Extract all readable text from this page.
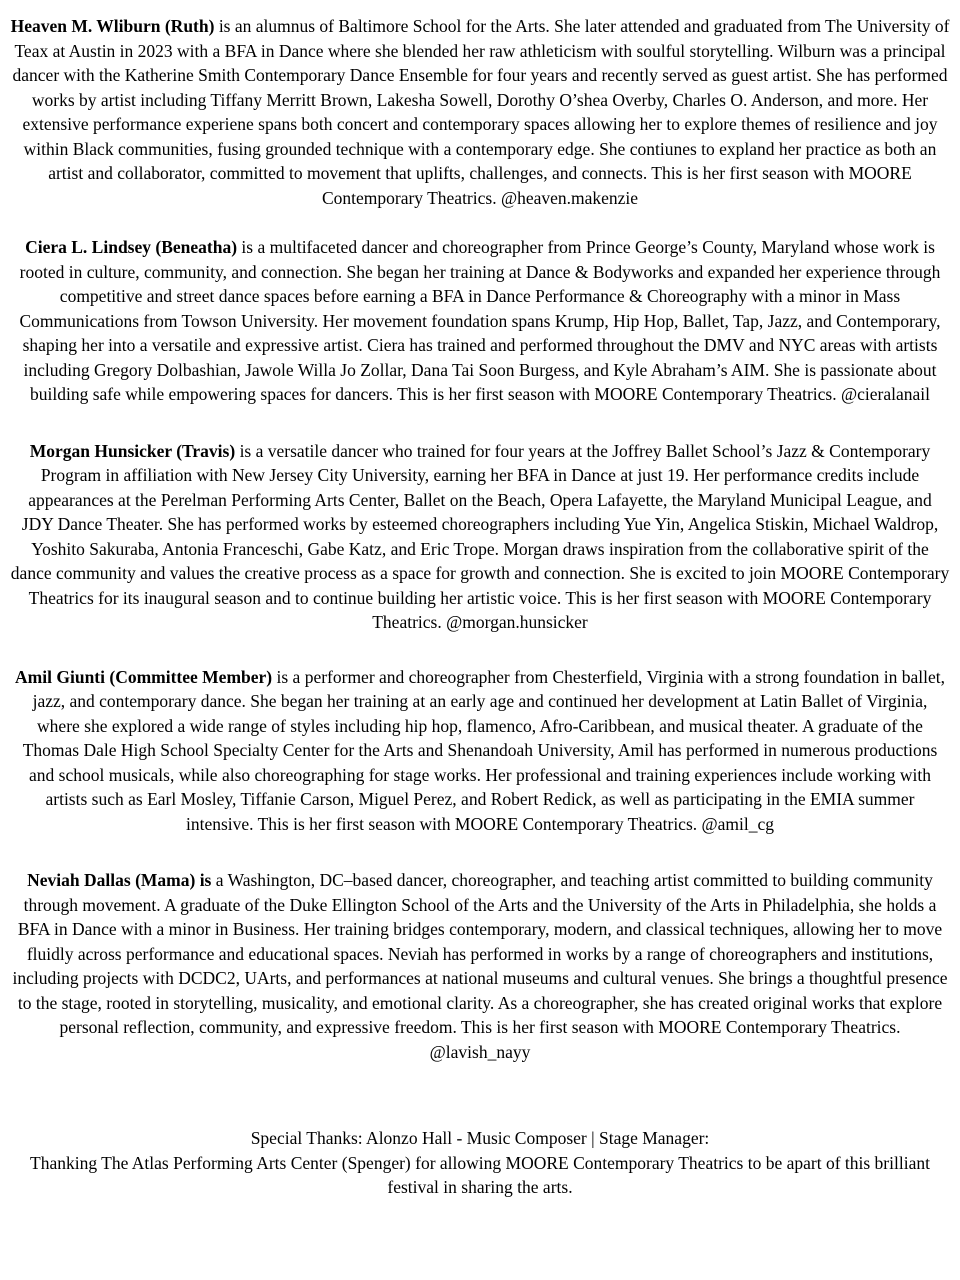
Heaven M. Wliburn (Ruth) is an alumnus of Baltimore School for the Arts. She later attended and graduated from The University of Teax at Austin in 2023 with a BFA in Dance where she blended her raw athleticism with soulful storytelling. Wilburn was a principal dancer with the Katherine Smith Contemporary Dance Ensemble for four years and recently served as guest artist. She has performed works by artist including Tiffany Merritt Brown, Lakesha Sowell, Dorothy O’shea Overby, Charles O. Anderson, and more. Her extensive performance experiene spans both concert and contemporary spaces allowing her to explore themes of resilience and joy within Black communities, fusing grounded technique with a contemporary edge. She contiunes to expland her practice as both an artist and collaborator, committed to movement that uplifts, challenges, and connects. This is her first season with MOORE Contemporary Theatrics. @heaven.makenzie

Ciera L. Lindsey (Beneatha) is a multifaceted dancer and choreographer from Prince George’s County, Maryland whose work is rooted in culture, community, and connection. She began her training at Dance & Bodyworks and expanded her experience through competitive and street dance spaces before earning a BFA in Dance Performance & Choreography with a minor in Mass Communications from Towson University. Her movement foundation spans Krump, Hip Hop, Ballet, Tap, Jazz, and Contemporary, shaping her into a versatile and expressive artist. Ciera has trained and performed throughout the DMV and NYC areas with artists including Gregory Dolbashian, Jawole Willa Jo Zollar, Dana Tai Soon Burgess, and Kyle Abraham’s AIM. She is passionate about building safe while empowering spaces for dancers. This is her first season with MOORE Contemporary Theatrics. @cieralanail

Morgan Hunsicker (Travis) is a versatile dancer who trained for four years at the Joffrey Ballet School’s Jazz & Contemporary Program in affiliation with New Jersey City University, earning her BFA in Dance at just 19. Her performance credits include appearances at the Perelman Performing Arts Center, Ballet on the Beach, Opera Lafayette, the Maryland Municipal League, and JDY Dance Theater. She has performed works by esteemed choreographers including Yue Yin, Angelica Stiskin, Michael Waldrop, Yoshito Sakuraba, Antonia Franceschi, Gabe Katz, and Eric Trope. Morgan draws inspiration from the collaborative spirit of the dance community and values the creative process as a space for growth and connection. She is excited to join MOORE Contemporary Theatrics for its inaugural season and to continue building her artistic voice. This is her first season with MOORE Contemporary Theatrics. @morgan.hunsicker

Amil Giunti (Committee Member) is a performer and choreographer from Chesterfield, Virginia with a strong foundation in ballet, jazz, and contemporary dance. She began her training at an early age and continued her development at Latin Ballet of Virginia, where she explored a wide range of styles including hip hop, flamenco, Afro-Caribbean, and musical theater. A graduate of the Thomas Dale High School Specialty Center for the Arts and Shenandoah University, Amil has performed in numerous productions and school musicals, while also choreographing for stage works. Her professional and training experiences include working with artists such as Earl Mosley, Tiffanie Carson, Miguel Perez, and Robert Redick, as well as participating in the EMIA summer intensive. This is her first season with MOORE Contemporary Theatrics. @amil_cg

Neviah Dallas (Mama) is a Washington, DC–based dancer, choreographer, and teaching artist committed to building community through movement. A graduate of the Duke Ellington School of the Arts and the University of the Arts in Philadelphia, she holds a BFA in Dance with a minor in Business. Her training bridges contemporary, modern, and classical techniques, allowing her to move fluidly across performance and educational spaces. Neviah has performed in works by a range of choreographers and institutions, including projects with DCDC2, UArts, and performances at national museums and cultural venues. She brings a thoughtful presence to the stage, rooted in storytelling, musicality, and emotional clarity. As a choreographer, she has created original works that explore personal reflection, community, and expressive freedom. This is her first season with MOORE Contemporary Theatrics. @lavish_nayy

Special Thanks: Alonzo Hall - Music Composer | Stage Manager:
Thanking The Atlas Performing Arts Center (Spenger) for allowing MOORE Contemporary Theatrics to be apart of this brilliant festival in sharing the arts.
